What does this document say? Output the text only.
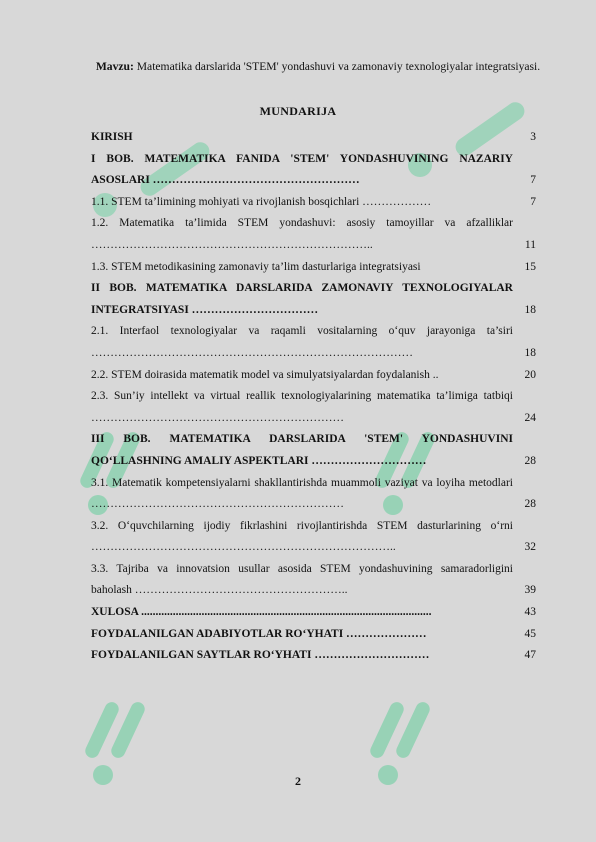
Mavzu: Matematika darslarida 'STEM' yondashuvi va zamonaviy texnologiyalar integratsiyasi.
MUNDARIJA
KIRISH	3
I BOB. MATEMATIKA FANIDA 'STEM' YONDASHUVINING NAZARIY ASOSLARI ………………………………………………	7
1.1. STEM ta’limining mohiyati va rivojlanish bosqichlari ………………	7
1.2. Matematika ta’limida STEM yondashuvi: asosiy tamoyillar va afzalliklar ………………………………………………………………..	11
1.3. STEM metodikasining zamonaviy ta’lim dasturlariga integratsiyasi	15
II BOB. MATEMATIKA DARSLARIDA ZAMONAVIY TEXNOLOGIYALAR INTEGRATSIYASI ……………………………	18
2.1. Interfaol texnologiyalar va raqamli vositalarning o‘quv jarayoniga ta’siri …………………………………………………………………………	18
2.2. STEM doirasida matematik model va simulyatsiyalardan foydalanish ..	20
2.3. Sun’iy intellekt va virtual reallik texnologiyalarining matematika ta’limiga tatbiqi …………………………………………………………	24
III BOB. MATEMATIKA DARSLARIDA 'STEM' YONDASHUVINI QO‘LLASHNING AMALIY ASPEKTLARI …………………………	28
3.1. Matematik kompetensiyalarni shakllantirishda muammoli vaziyat va loyiha metodlari …………………………………………………………	28
3.2. O‘quvchilarning ijodiy fikrlashini rivojlantirishda STEM dasturlarining o‘rni ……………………………………………………………………..	32
3.3. Tajriba va innovatsion usullar asosida STEM yondashuvining samaradorligini baholash ………………………………………………..	39
XULOSA .....................................................................................................	43
FOYDALANILGAN ADABIYOTLAR RO‘YHATI …………………	45
FOYDALANILGAN SAYTLAR RO‘YHATI …………………………	47
2
